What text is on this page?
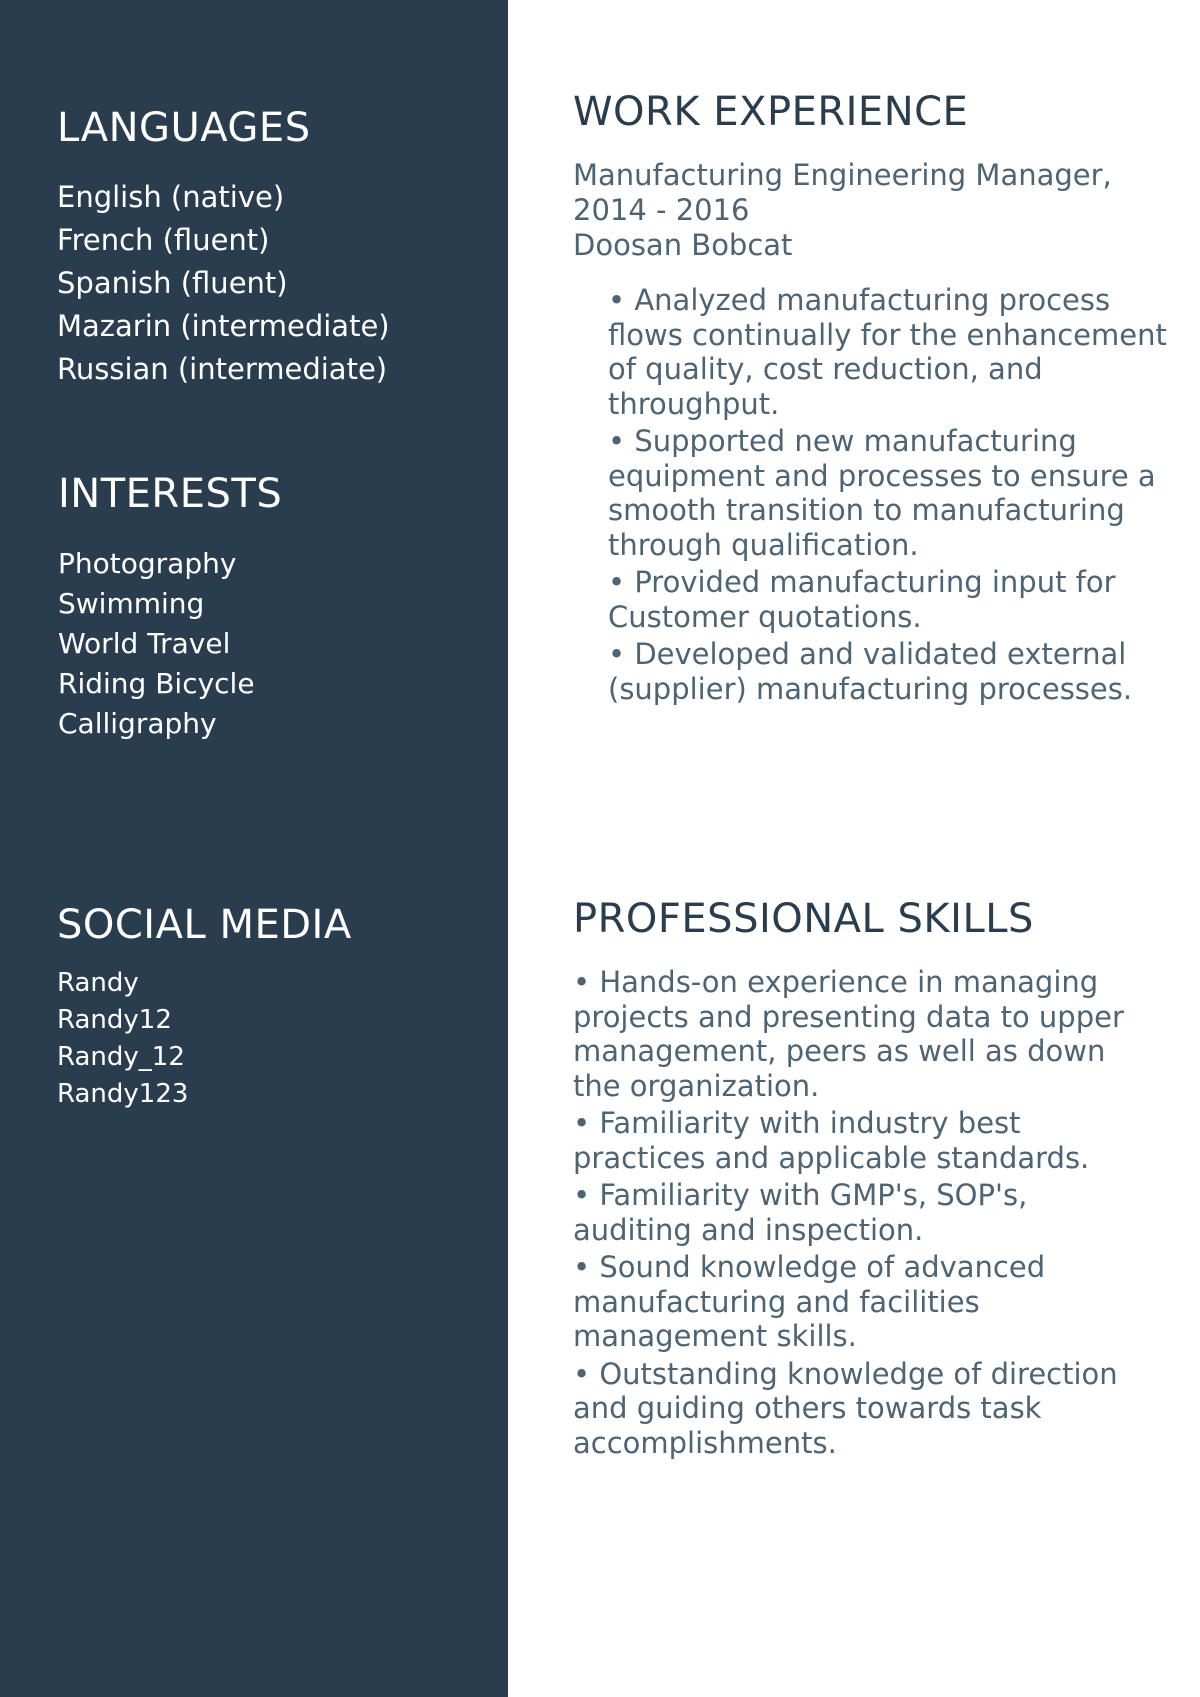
LANGUAGES
English (native)
French (fluent)
Spanish (fluent)
Mazarin (intermediate)
Russian (intermediate)
INTERESTS
Photography
Swimming
World Travel
Riding Bicycle
Calligraphy
SOCIAL MEDIA
Randy
Randy12
Randy_12
Randy123
WORK EXPERIENCE
Manufacturing Engineering Manager,
2014 - 2016
Doosan Bobcat
• Analyzed manufacturing process flows continually for the enhancement of quality, cost reduction, and throughput.
• Supported new manufacturing equipment and processes to ensure a smooth transition to manufacturing through qualification.
• Provided manufacturing input for Customer quotations.
• Developed and validated external (supplier) manufacturing processes.
PROFESSIONAL SKILLS
• Hands-on experience in managing projects and presenting data to upper management, peers as well as down the organization.
• Familiarity with industry best practices and applicable standards.
• Familiarity with GMP's, SOP's, auditing and inspection.
• Sound knowledge of advanced manufacturing and facilities management skills.
• Outstanding knowledge of direction and guiding others towards task accomplishments.
